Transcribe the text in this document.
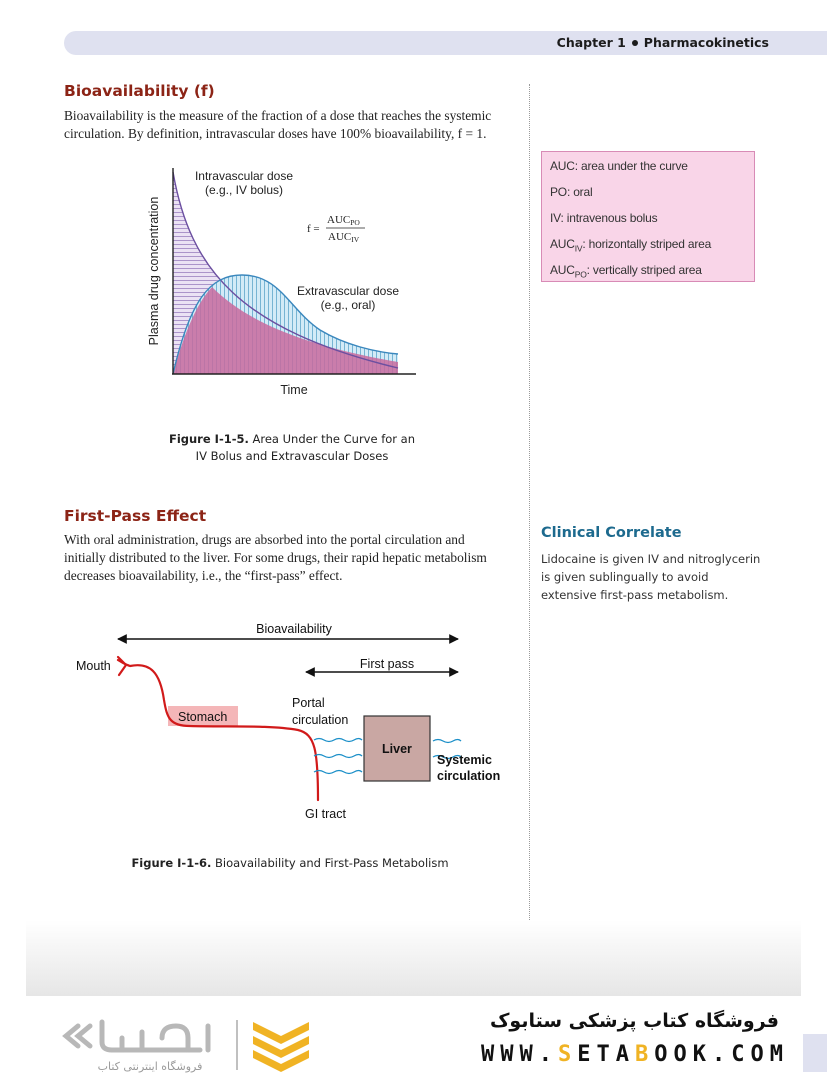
Chapter 1 Pharmacokinetics
Bioavailability (f)
Bioavailability is the measure of the fraction of a dose that reaches the systemic
circulation. By definition, intravascular doses have 100% bioavailability, f = 1.
Plasma drug concentration
Time
Intravascular dose
(e.g., IV bolus)
Extravascular dose
(e.g., oral)
f =
AUCPO
AUCIV
Figure I-1-5. Area Under the Curve for an
IV Bolus and Extravascular Doses
AUC: area under the curve
PO: oral
IV: intravenous bolus
$AUC_{IV}$: horizontally striped area
$AUC_{PO}$: vertically striped area
First-Pass Effect
With oral administration, drugs are absorbed into the portal circulation and
initially distributed to the liver. For some drugs, their rapid hepatic metabolism
decreases bioavailability, i.e., the “first-pass” effect.
Clinical Correlate
Lidocaine is given IV and nitroglycerin
is given sublingually to avoid
extensive first-pass metabolism.
Bioavailability
First pass
Mouth
Stomach
Portal
circulation
Liver
Systemic
circulation
GI tract
Figure I-1-6. Bioavailability and First-Pass Metabolism
فروشگاه اینترنتی کتاب
فروشگاه کتاب پزشکی ستابوک
WWW.SETABOOK.COM
